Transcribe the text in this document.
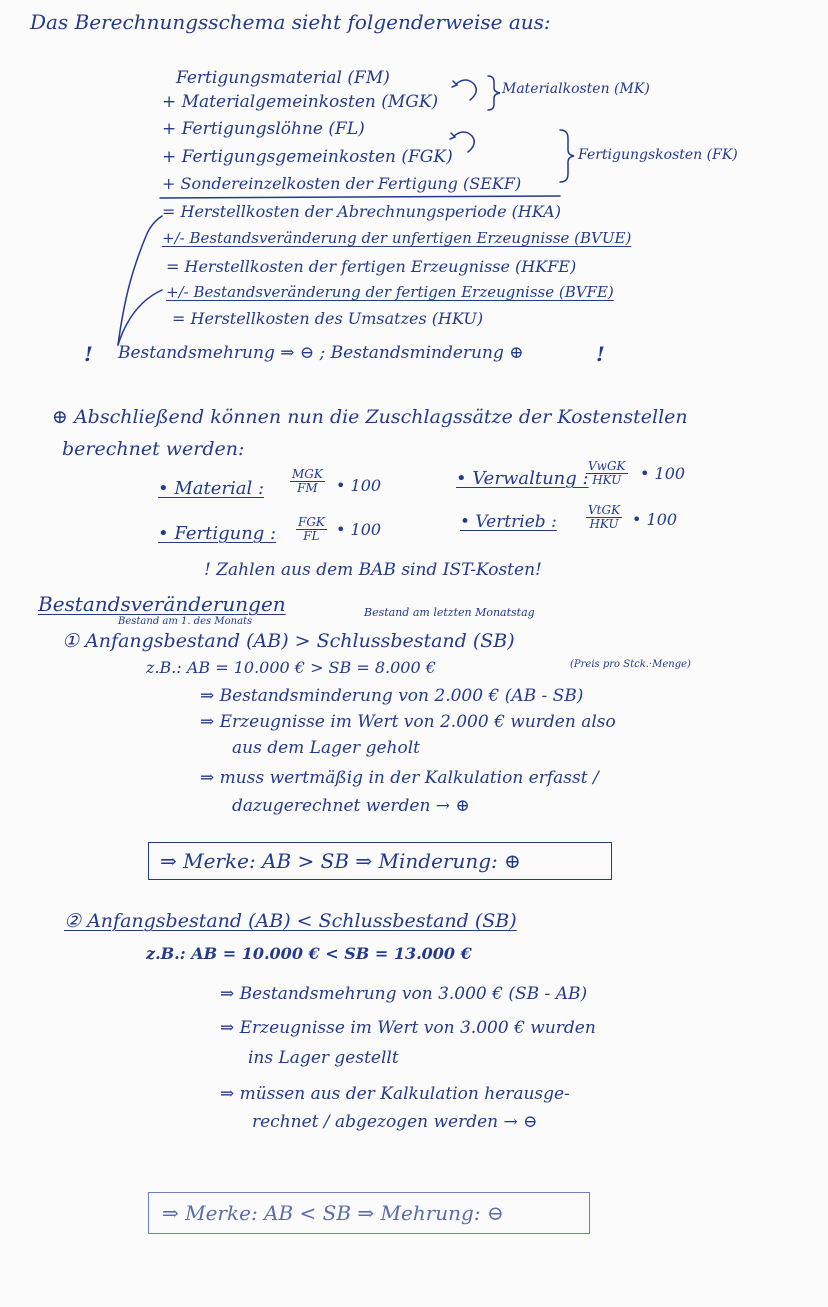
Das Berechnungsschema sieht folgenderweise aus:
Fertigungsmaterial (FM)
+ Materialgemeinkosten (MGK)
+ Fertigungslöhne (FL)
+ Fertigungsgemeinkosten (FGK)
+ Sondereinzelkosten der Fertigung (SEKF)
= Herstellkosten der Abrechnungsperiode (HKA)
+/- Bestandsveränderung der unfertigen Erzeugnisse (BVUE)
= Herstellkosten der fertigen Erzeugnisse (HKFE)
+/- Bestandsveränderung der fertigen Erzeugnisse (BVFE)
= Herstellkosten des Umsatzes (HKU)
Materialkosten (MK)
Fertigungskosten (FK)
! Bestandsmehrung ⇒ ⊖ ; Bestandsminderung ⊕	!
⊕ Abschließend können nun die Zuschlagssätze der Kostenstellen
berechnet werden:
• Material :
MGK
FM • 100	• Verwaltung :
VwGK
HKU • 100
• Fertigung :
FGK
FL • 100	• Vertrieb :
VtGK
HKU • 100
! Zahlen aus dem BAB sind IST-Kosten!
Bestandsveränderungen
Bestand am 1. des Monats
Bestand am letzten Monatstag
① Anfangsbestand (AB) > Schlussbestand (SB)
z.B.: AB = 10.000 € > SB = 8.000 €	(Preis pro Stck.·Menge)
⇒ Bestandsminderung von 2.000 € (AB - SB)
⇒ Erzeugnisse im Wert von 2.000 € wurden also
aus dem Lager geholt
⇒ muss wertmäßig in der Kalkulation erfasst /
dazugerechnet werden → ⊕
⇒ Merke: AB > SB ⇒ Minderung: ⊕
② Anfangsbestand (AB) < Schlussbestand (SB)
z.B.: AB = 10.000 € < SB = 13.000 €
⇒ Bestandsmehrung von 3.000 € (SB - AB)
⇒ Erzeugnisse im Wert von 3.000 € wurden
ins Lager gestellt
⇒ müssen aus der Kalkulation herausge-
rechnet / abgezogen werden → ⊖
⇒ Merke: AB < SB ⇒ Mehrung: ⊖
